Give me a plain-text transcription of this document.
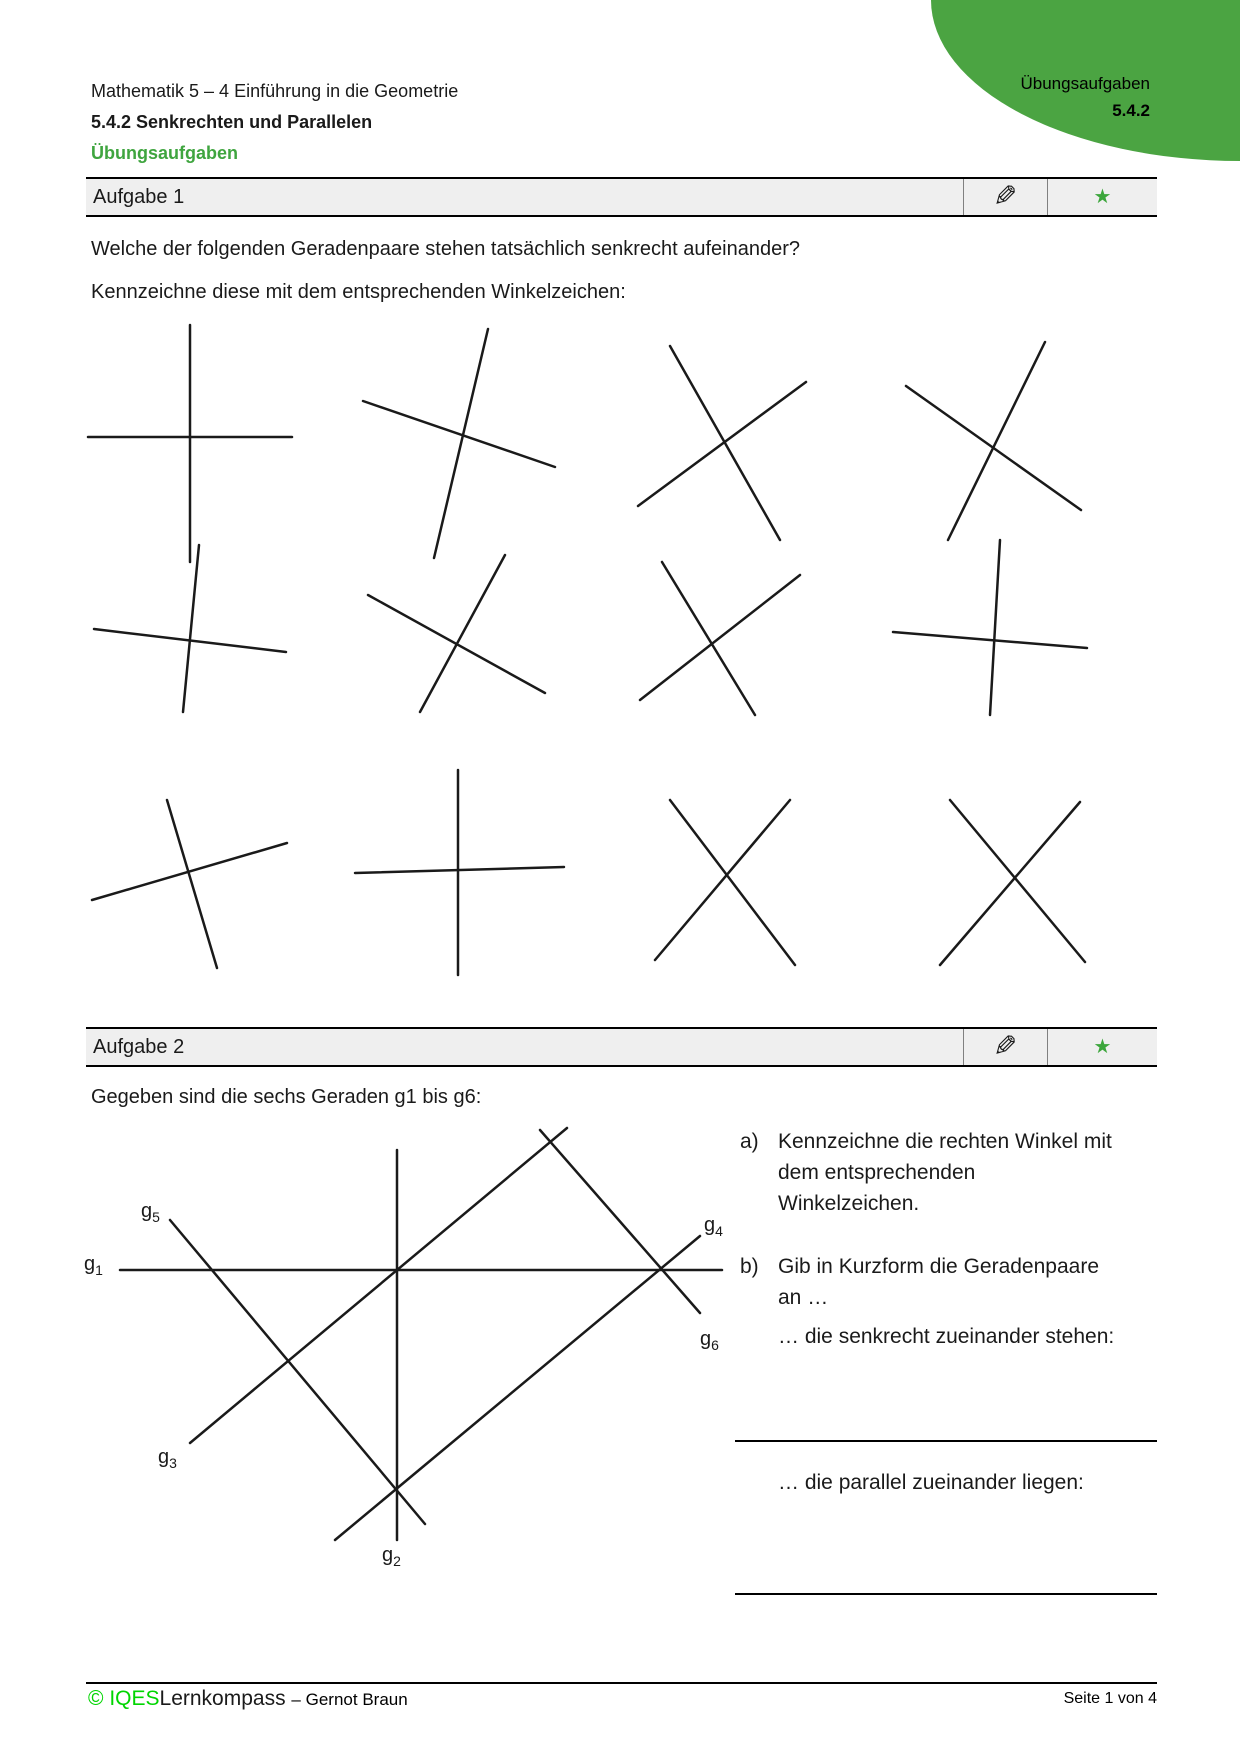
Mathematik 5 – 4 Einführung in die Geometrie
5.4.2 Senkrechten und Parallelen
Übungsaufgaben
Übungsaufgaben
5.4.2
Aufgabe 1	✎	★
Welche der folgenden Geradenpaare stehen tatsächlich senkrecht aufeinander?
Kennzeichne diese mit dem entsprechenden Winkelzeichen:
$g_1$
$g_2$
$g_3$
$g_4$
$g_5$
$g_6$
Aufgabe 2	✎	★
Gegeben sind die sechs Geraden g1 bis g6:
a) Kennzeichne die rechten Winkel mit
dem entsprechenden
Winkelzeichen.
b) Gib in Kurzform die Geradenpaare
an …
… die senkrecht zueinander stehen:
… die parallel zueinander liegen:
© IQESLernkompass – Gernot Braun	Seite 1 von 4
